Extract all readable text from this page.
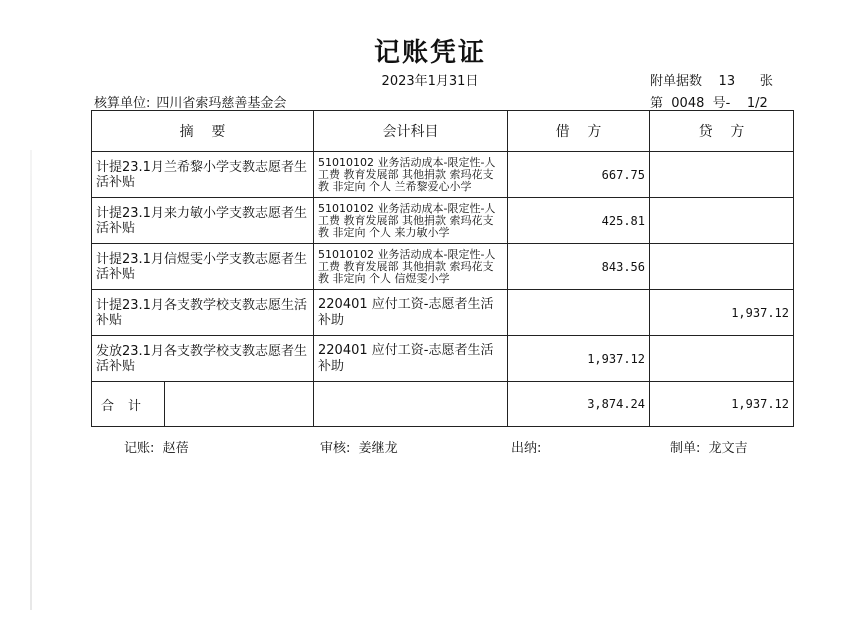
记账凭证
2023年1月31日	附单据数 13 张
核算单位: 四川省索玛慈善基金会	第 0048 号- 1/2
摘    要	会计科目	借    方	贷    方
计提23.1月兰希黎小学支教志愿者生活补贴	51010102 业务活动成本-限定性-人工费 教育发展部 其他捐款 索玛花支教 非定向 个人 兰希黎爱心小学	667.75	
计提23.1月来力敏小学支教志愿者生活补贴	51010102 业务活动成本-限定性-人工费 教育发展部 其他捐款 索玛花支教 非定向 个人 来力敏小学	425.81	
计提23.1月信煜雯小学支教志愿者生活补贴	51010102 业务活动成本-限定性-人工费 教育发展部 其他捐款 索玛花支教 非定向 个人 信煜雯小学	843.56	
计提23.1月各支教学校支教志愿生活补贴	220401 应付工资-志愿者生活补助		1,937.12
发放23.1月各支教学校支教志愿者生活补贴	220401 应付工资-志愿者生活补助	1,937.12	

合计		3,874.24	1,937.12
记账: 赵蓓	审核: 姜继龙	出纳:	制单: 龙文吉
